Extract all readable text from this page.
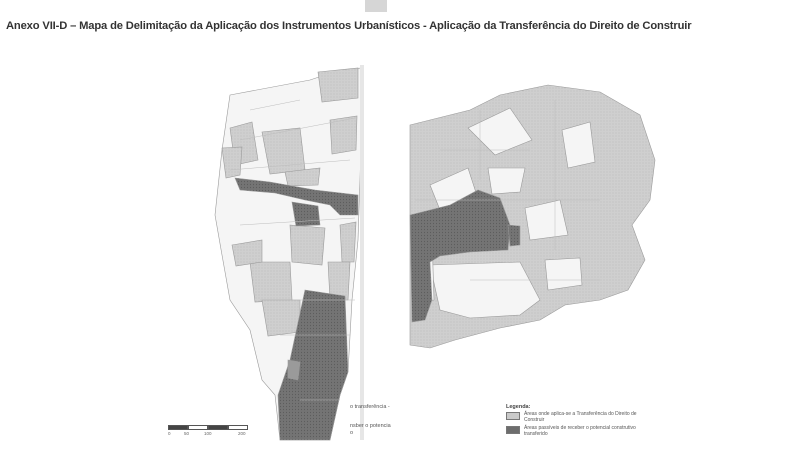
Anexo VII-D – Mapa de Delimitação da Aplicação dos Instrumentos Urbanísticos - Aplicação da Transferência do Direito de Construir
o transferência -
nsber o potencia
o
Legenda:
Áreas onde aplica-se a Transferência do Direito de Construir
Áreas passíveis de receber o potencial construtivo transferido
0	50	100	200
